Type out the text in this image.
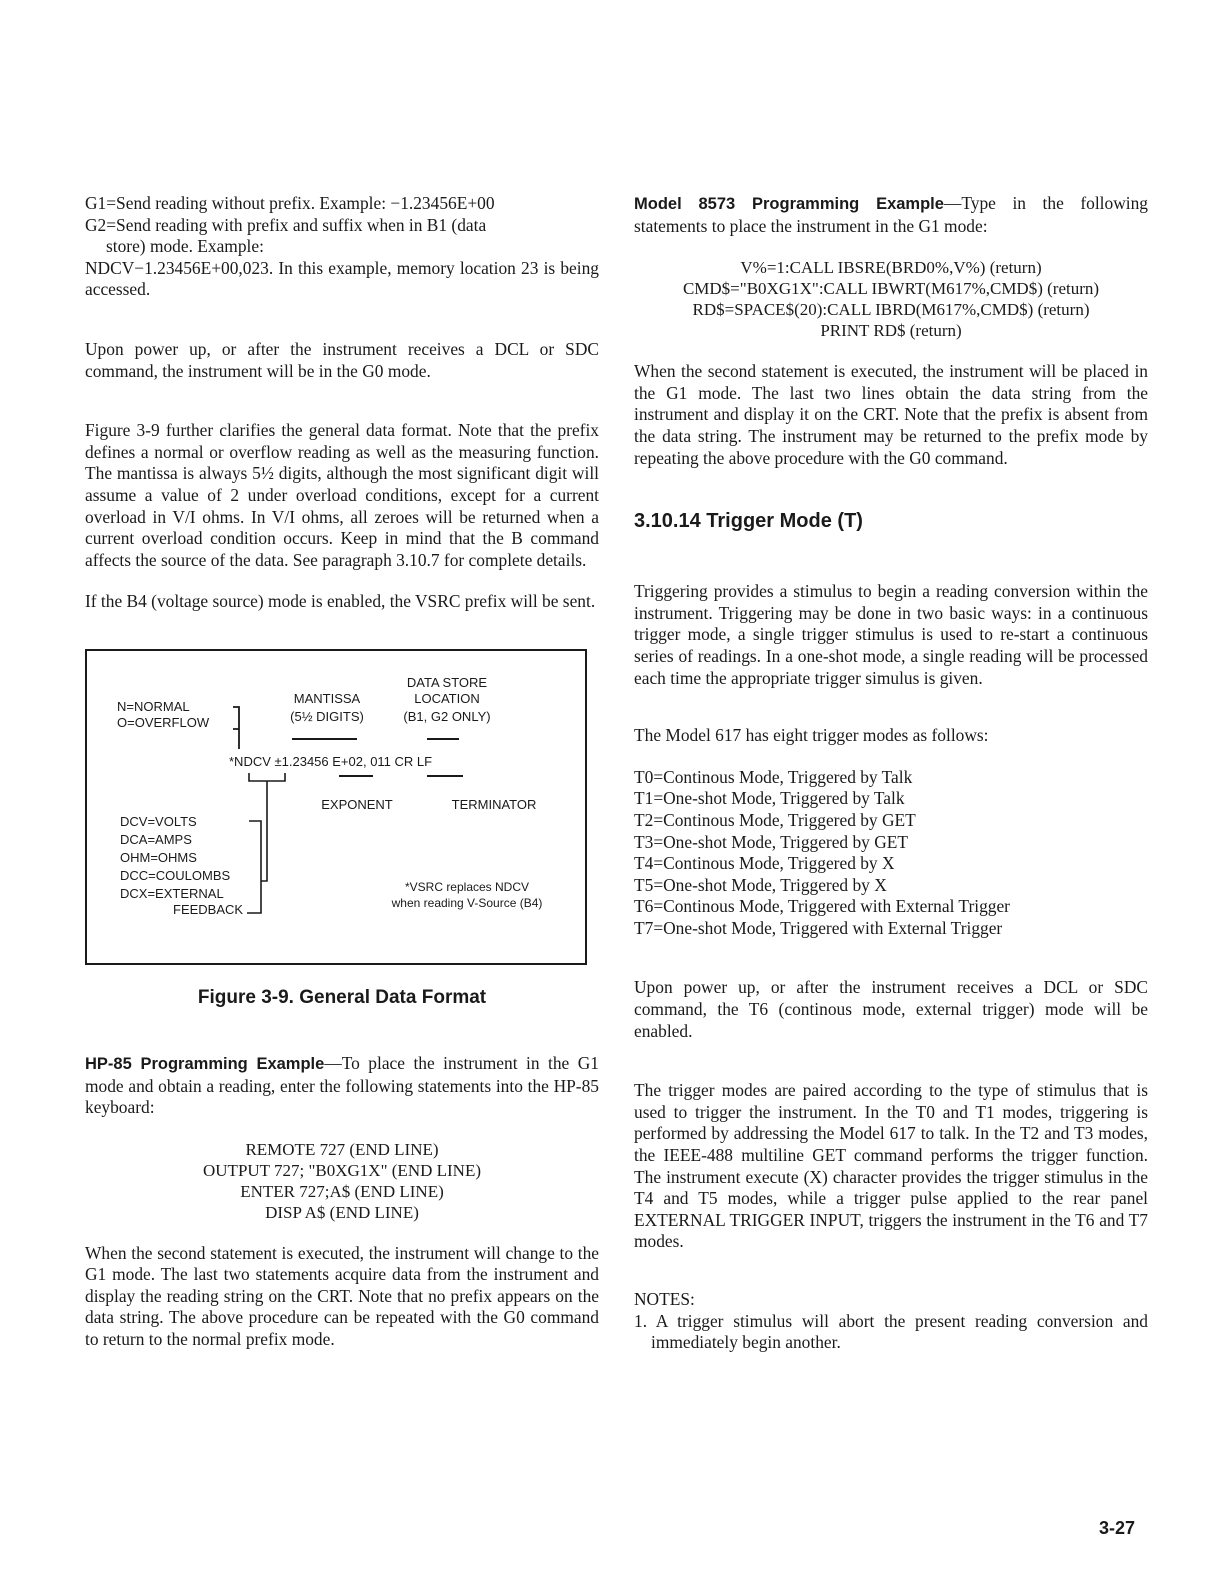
G1=Send reading without prefix. Example: −1.23456E+00
G2=Send reading with prefix and suffix when in B1 (data
store) mode. Example:

NDCV−1.23456E+00,023. In this example, memory location 23 is being accessed.

Upon power up, or after the instrument receives a DCL or SDC command, the instrument will be in the G0 mode.

Figure 3-9 further clarifies the general data format. Note that the prefix defines a normal or overflow reading as well as the measuring function. The mantissa is always 5½ digits, although the most significant digit will assume a value of 2 under overload conditions, except for a current overload in V/I ohms. In V/I ohms, all zeroes will be returned when a current overload condition occurs. Keep in mind that the B command affects the source of the data. See paragraph 3.10.7 for complete details.

If the B4 (voltage source) mode is enabled, the VSRC prefix will be sent.

DATA STORE
LOCATION
(B1, G2 ONLY)
MANTISSA
(5½ DIGITS)
N=NORMAL
O=OVERFLOW
*NDCV ±1.23456 E+02, 011 CR LF
EXPONENT	TERMINATOR
DCV=VOLTS
DCA=AMPS
OHM=OHMS
DCC=COULOMBS
DCX=EXTERNAL
FEEDBACK
*VSRC replaces NDCV
when reading V-Source (B4)
Figure 3-9. General Data Format

HP-85 Programming Example—To place the instrument in the G1 mode and obtain a reading, enter the following statements into the HP-85 keyboard:

REMOTE 727 (END LINE)
OUTPUT 727; "B0XG1X" (END LINE)
ENTER 727;A$ (END LINE)
DISP A$ (END LINE)

When the second statement is executed, the instrument will change to the G1 mode. The last two statements acquire data from the instrument and display the reading string on the CRT. Note that no prefix appears on the data string. The above procedure can be repeated with the G0 command to return to the normal prefix mode.

Model 8573 Programming Example—Type in the following statements to place the instrument in the G1 mode:

V%=1:CALL IBSRE(BRD0%,V%) (return)
CMD$="B0XG1X":CALL IBWRT(M617%,CMD$) (return)
RD$=SPACE$(20):CALL IBRD(M617%,CMD$) (return)
PRINT RD$ (return)

When the second statement is executed, the instrument will be placed in the G1 mode. The last two lines obtain the data string from the instrument and display it on the CRT. Note that the prefix is absent from the data string. The instrument may be returned to the prefix mode by repeating the above procedure with the G0 command.

3.10.14 Trigger Mode (T)

Triggering provides a stimulus to begin a reading conversion within the instrument. Triggering may be done in two basic ways: in a continuous trigger mode, a single trigger stimulus is used to re-start a continuous series of readings. In a one-shot mode, a single reading will be processed each time the appropriate trigger simulus is given.

The Model 617 has eight trigger modes as follows:

T0=Continous Mode, Triggered by Talk
T1=One-shot Mode, Triggered by Talk
T2=Continous Mode, Triggered by GET
T3=One-shot Mode, Triggered by GET
T4=Continous Mode, Triggered by X
T5=One-shot Mode, Triggered by X
T6=Continous Mode, Triggered with External Trigger
T7=One-shot Mode, Triggered with External Trigger

Upon power up, or after the instrument receives a DCL or SDC command, the T6 (continous mode, external trigger) mode will be enabled.

The trigger modes are paired according to the type of stimulus that is used to trigger the instrument. In the T0 and T1 modes, triggering is performed by addressing the Model 617 to talk. In the T2 and T3 modes, the IEEE-488 multiline GET command performs the trigger function. The instrument execute (X) character provides the trigger stimulus in the T4 and T5 modes, while a trigger pulse applied to the rear panel EXTERNAL TRIGGER INPUT, triggers the instrument in the T6 and T7 modes.

NOTES:

1. A trigger stimulus will abort the present reading conversion and immediately begin another.

3-27
